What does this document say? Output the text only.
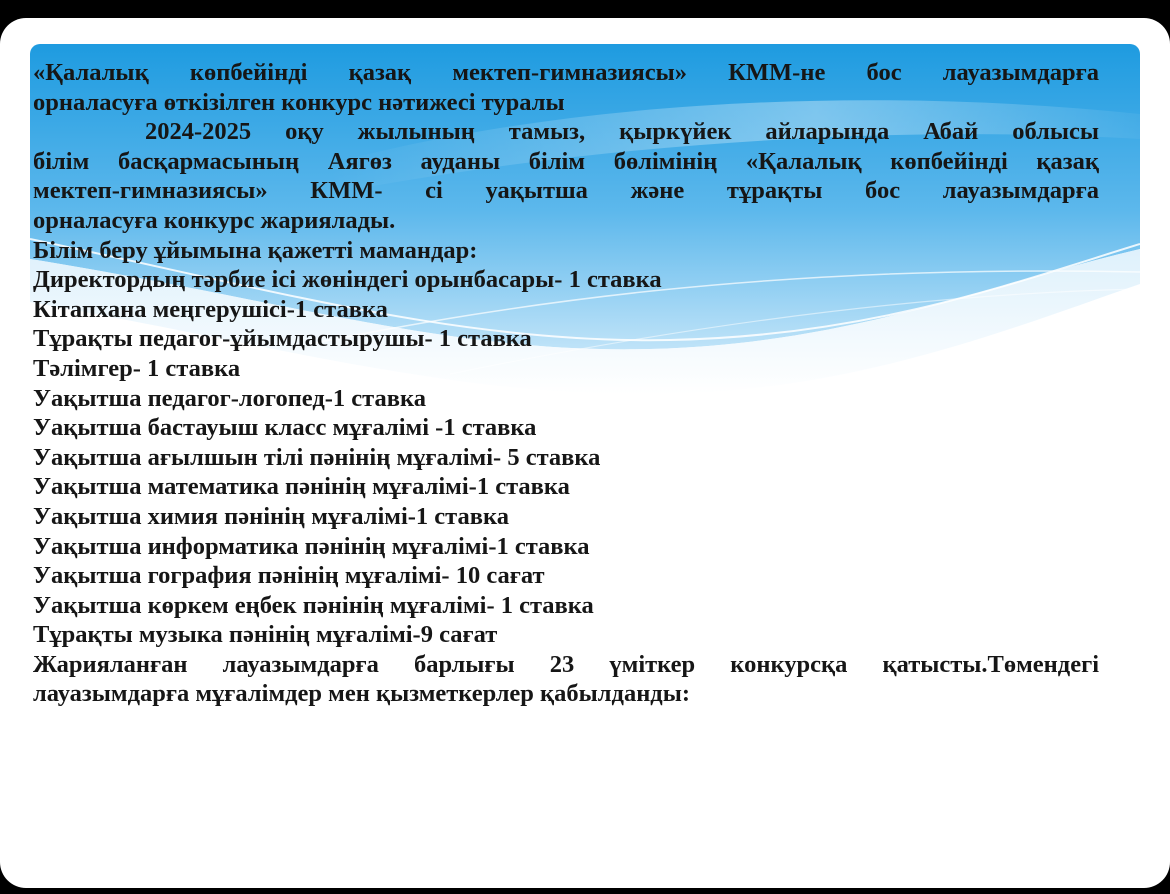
«Қалалық көпбейінді қазақ мектеп-гимназиясы» КММ-не бос лауазымдарға
орналасуға өткізілген конкурс нәтижесі туралы
2024-2025 оқу жылының тамыз, қыркүйек айларында Абай облысы
білім басқармасының Аягөз ауданы білім бөлімінің «Қалалық көпбейінді қазақ
мектеп-гимназиясы» КММ- сі уақытша және тұрақты бос лауазымдарға
орналасуға конкурс жариялады.
Білім беру ұйымына қажетті мамандар:
Директордың тәрбие ісі жөніндегі орынбасары- 1 ставка
Кітапхана меңгерушісі-1 ставка
Тұрақты педагог-ұйымдастырушы- 1 ставка
Тәлімгер- 1 ставка
Уақытша педагог-логопед-1 ставка
Уақытша бастауыш класс мұғалімі -1 ставка
Уақытша ағылшын тілі пәнінің мұғалімі- 5 ставка
Уақытша математика пәнінің мұғалімі-1 ставка
Уақытша химия пәнінің мұғалімі-1 ставка
Уақытша информатика пәнінің мұғалімі-1 ставка
Уақытша гография пәнінің мұғалімі- 10 сағат
Уақытша көркем еңбек пәнінің мұғалімі- 1 ставка
Тұрақты музыка пәнінің мұғалімі-9 сағат
Жарияланған лауазымдарға барлығы 23 үміткер конкурсқа қатысты.Төмендегі
лауазымдарға мұғалімдер мен қызметкерлер қабылданды:
